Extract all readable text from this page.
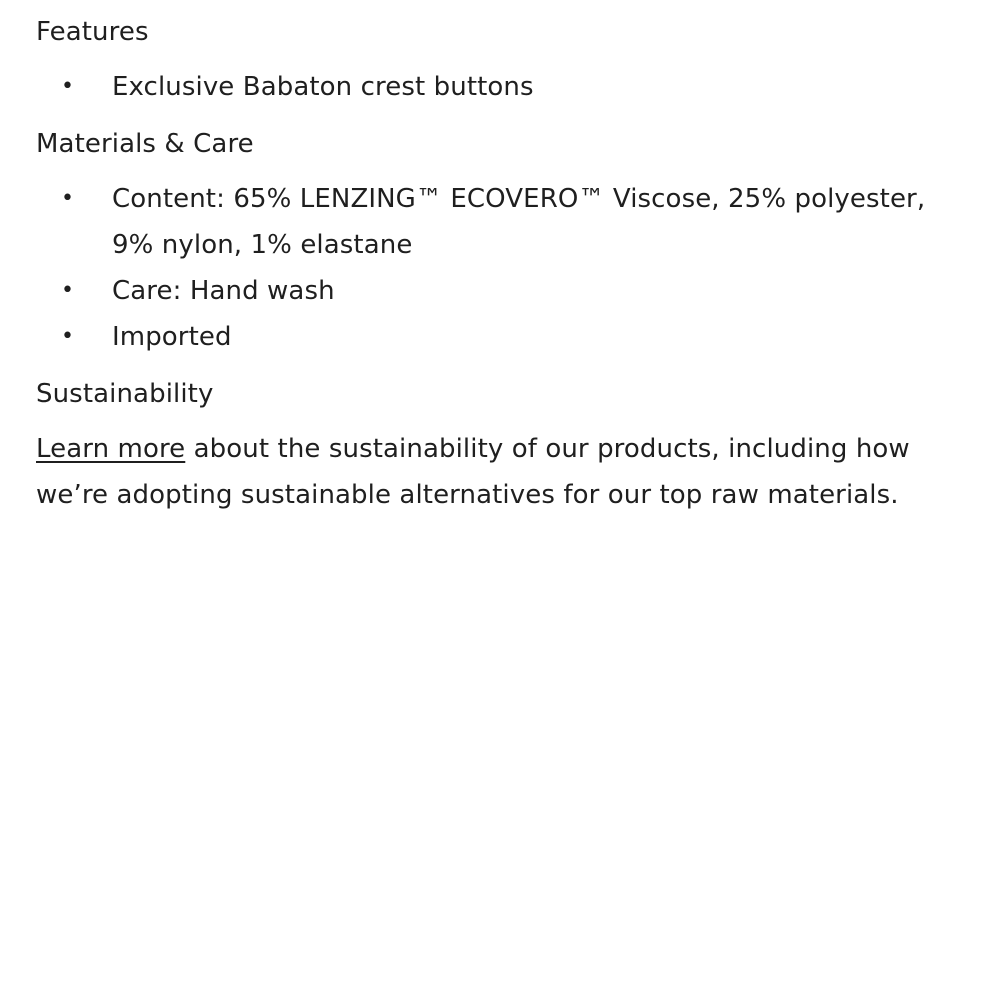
Features
• Exclusive Babaton crest buttons
Materials & Care
• Content: 65% LENZING™ ECOVERO™ Viscose, 25% polyester, 9% nylon, 1% elastane
• Care: Hand wash
• Imported
Sustainability

Learn more about the sustainability of our products, including how we’re adopting sustainable alternatives for our top raw materials.
